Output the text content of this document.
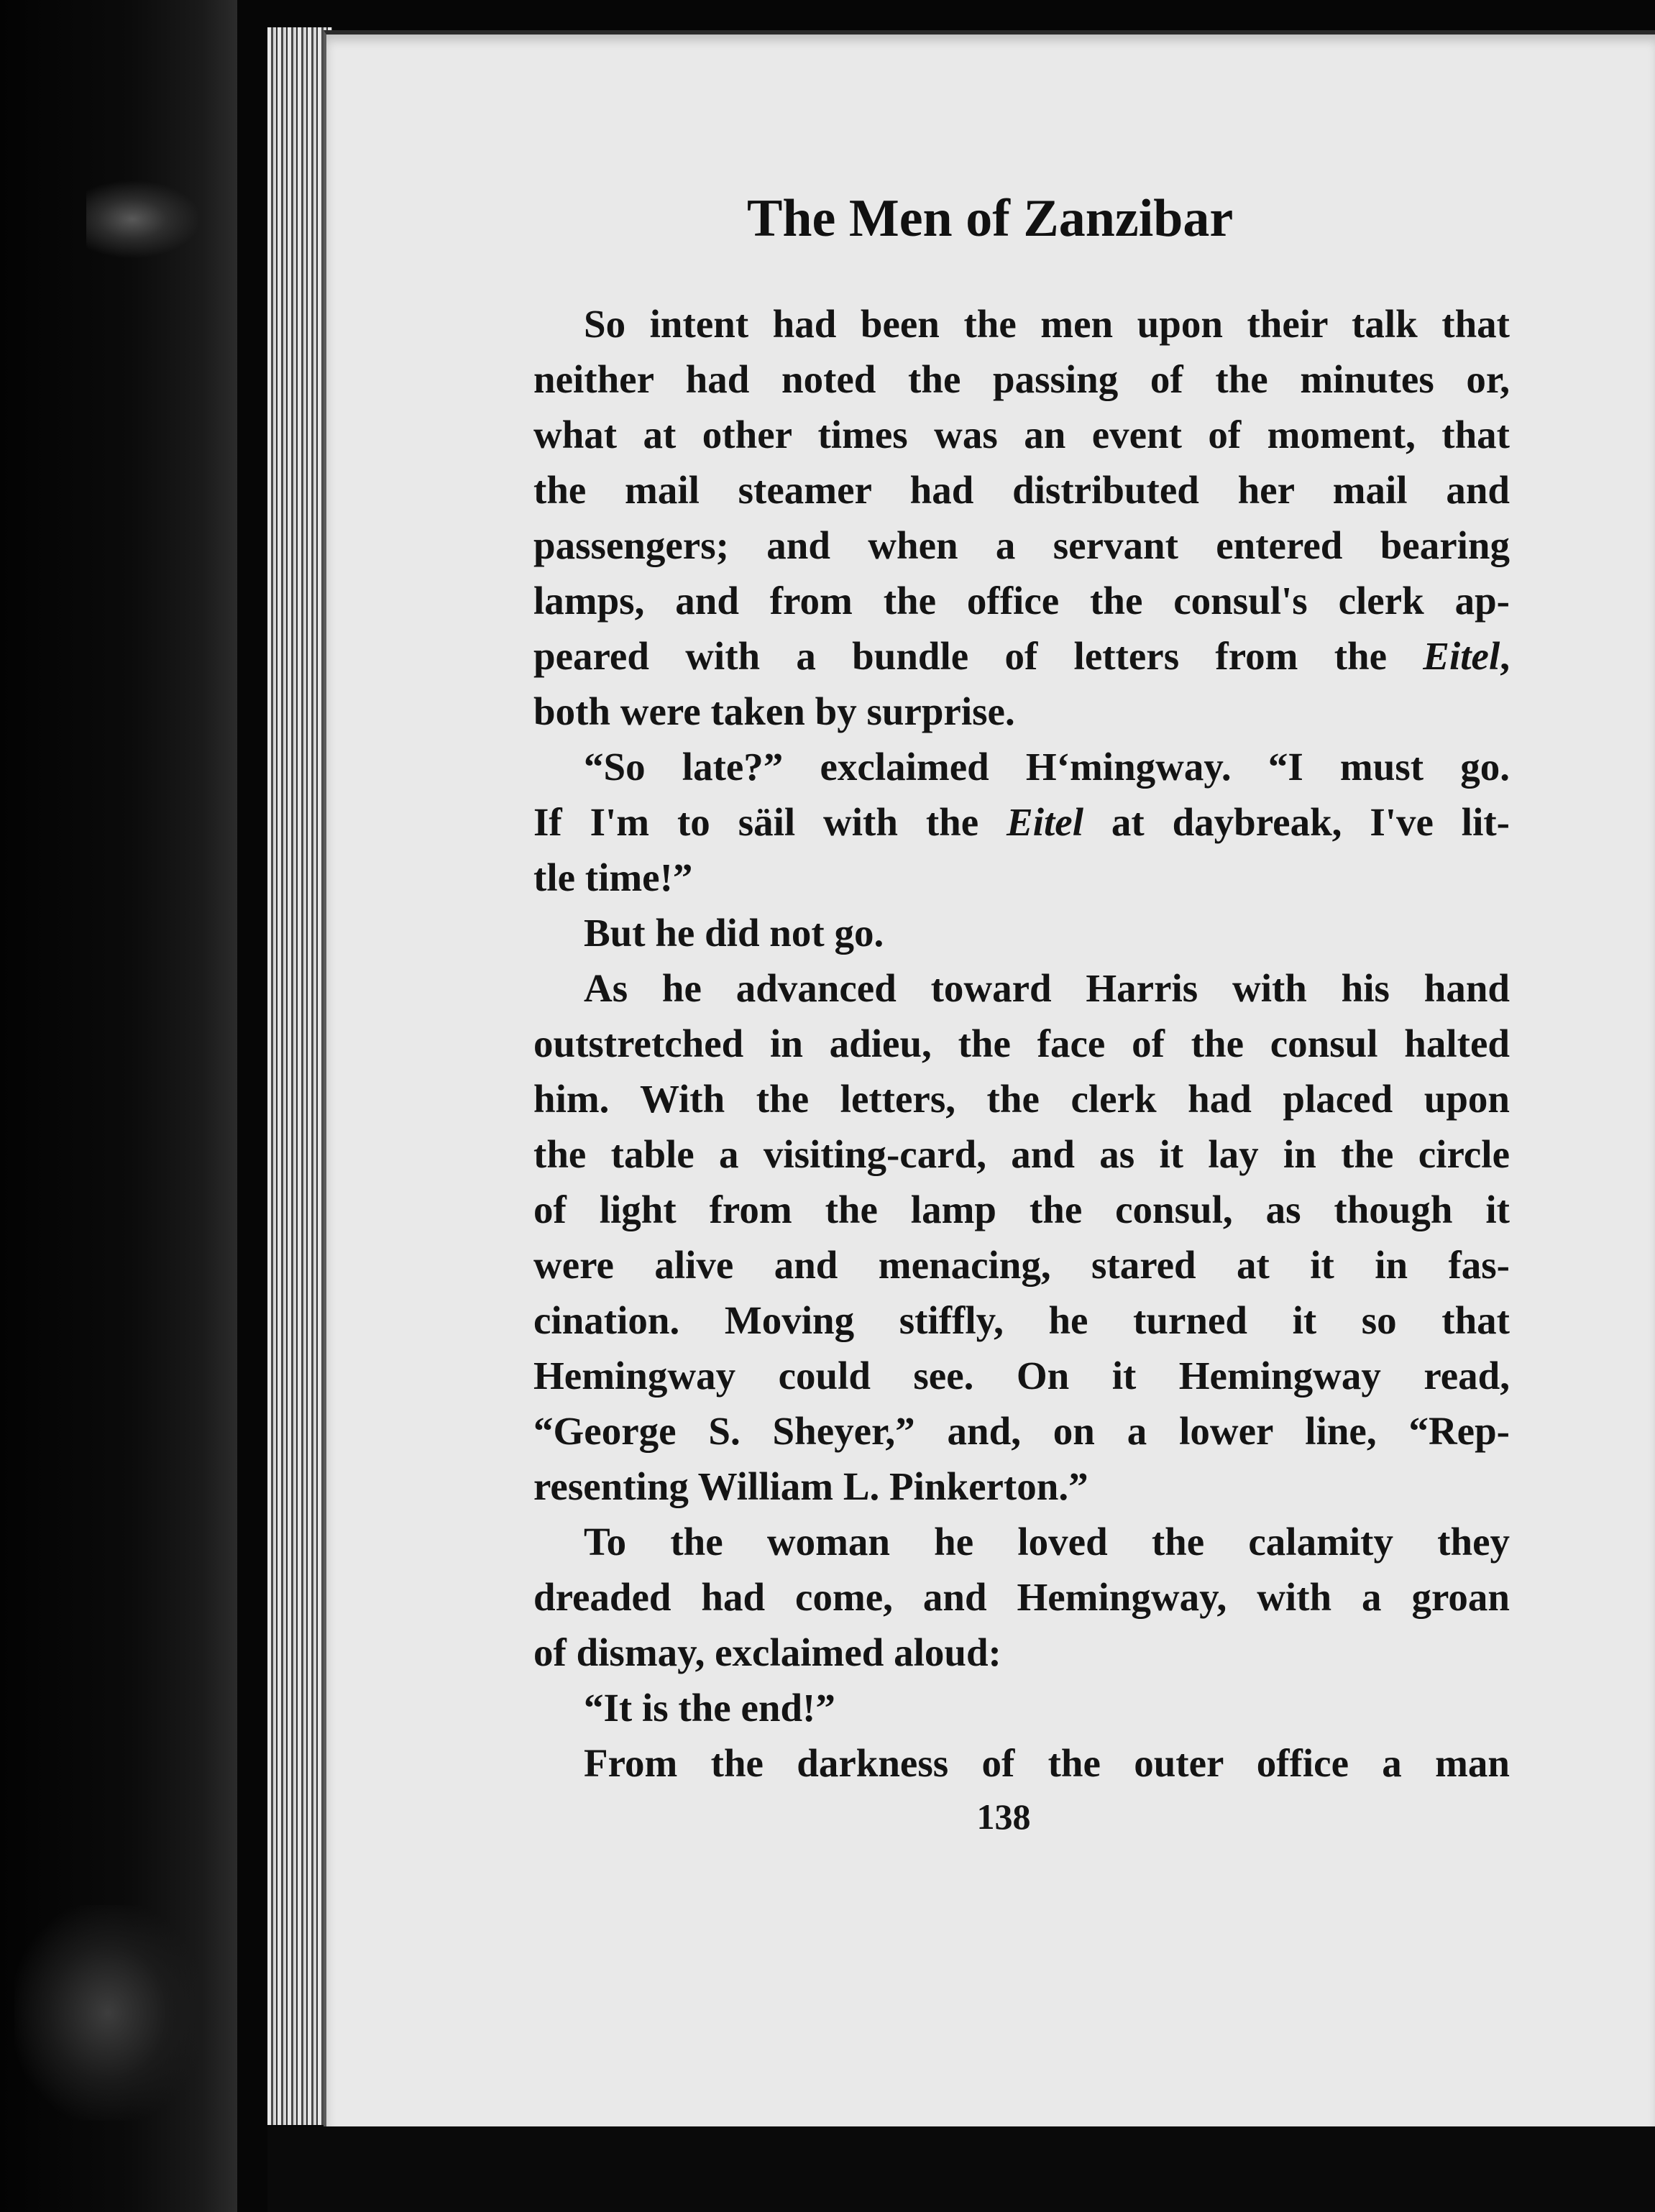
The Men of Zanzibar
So intent had been the men upon their talk that
neither had noted the passing of the minutes or,
what at other times was an event of moment, that
the mail steamer had distributed her mail and
passengers; and when a servant entered bearing
lamps, and from the office the consul's clerk ap-
peared with a bundle of letters from the Eitel,
both were taken by surprise.
“So late?” exclaimed Hʻmingway. “I must go.
If I'm to säil with the Eitel at daybreak, I've lit-
tle time!”
But he did not go.
As he advanced toward Harris with his hand
outstretched in adieu, the face of the consul halted
him. With the letters, the clerk had placed upon
the table a visiting-card, and as it lay in the circle
of light from the lamp the consul, as though it
were alive and menacing, stared at it in fas-
cination. Moving stiffly, he turned it so that
Hemingway could see. On it Hemingway read,
“George S. Sheyer,” and, on a lower line, “Rep-
resenting William L. Pinkerton.”
To the woman he loved the calamity they
dreaded had come, and Hemingway, with a groan
of dismay, exclaimed aloud:
“It is the end!”
From the darkness of the outer office a man
138
